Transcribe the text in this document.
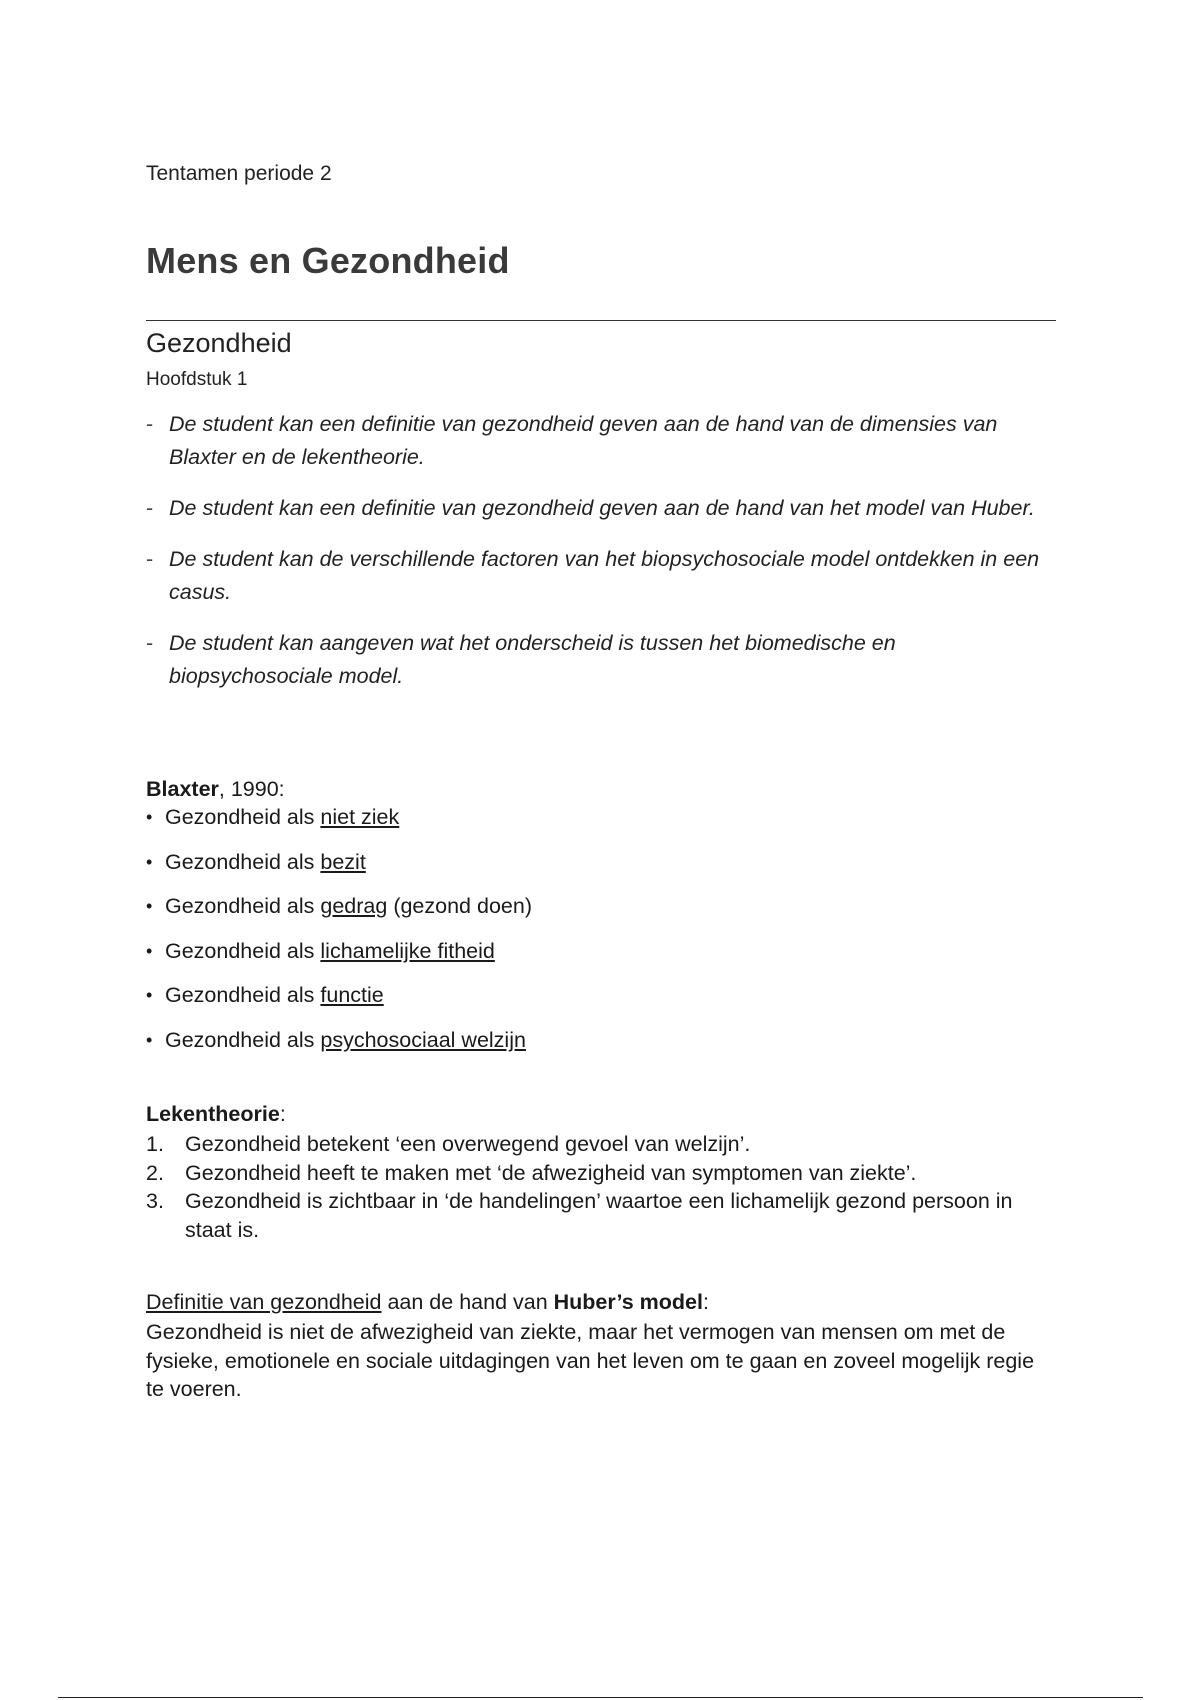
Tentamen periode 2
Mens en Gezondheid
Gezondheid
Hoofdstuk 1
- De student kan een definitie van gezondheid geven aan de hand van de dimensies van Blaxter en de lekentheorie.
- De student kan een definitie van gezondheid geven aan de hand van het model van Huber.
- De student kan de verschillende factoren van het biopsychosociale model ontdekken in een casus.
- De student kan aangeven wat het onderscheid is tussen het biomedische en biopsychosociale model.
Blaxter, 1990:
• Gezondheid als niet ziek
• Gezondheid als bezit
• Gezondheid als gedrag (gezond doen)
• Gezondheid als lichamelijke fitheid
• Gezondheid als functie
• Gezondheid als psychosociaal welzijn
Lekentheorie:
1. Gezondheid betekent ‘een overwegend gevoel van welzijn’.
2. Gezondheid heeft te maken met ‘de afwezigheid van symptomen van ziekte’.
3. Gezondheid is zichtbaar in ‘de handelingen’ waartoe een lichamelijk gezond persoon in staat is.
Definitie van gezondheid aan de hand van Huber’s model:
Gezondheid is niet de afwezigheid van ziekte, maar het vermogen van mensen om met de fysieke, emotionele en sociale uitdagingen van het leven om te gaan en zoveel mogelijk regie te voeren.
